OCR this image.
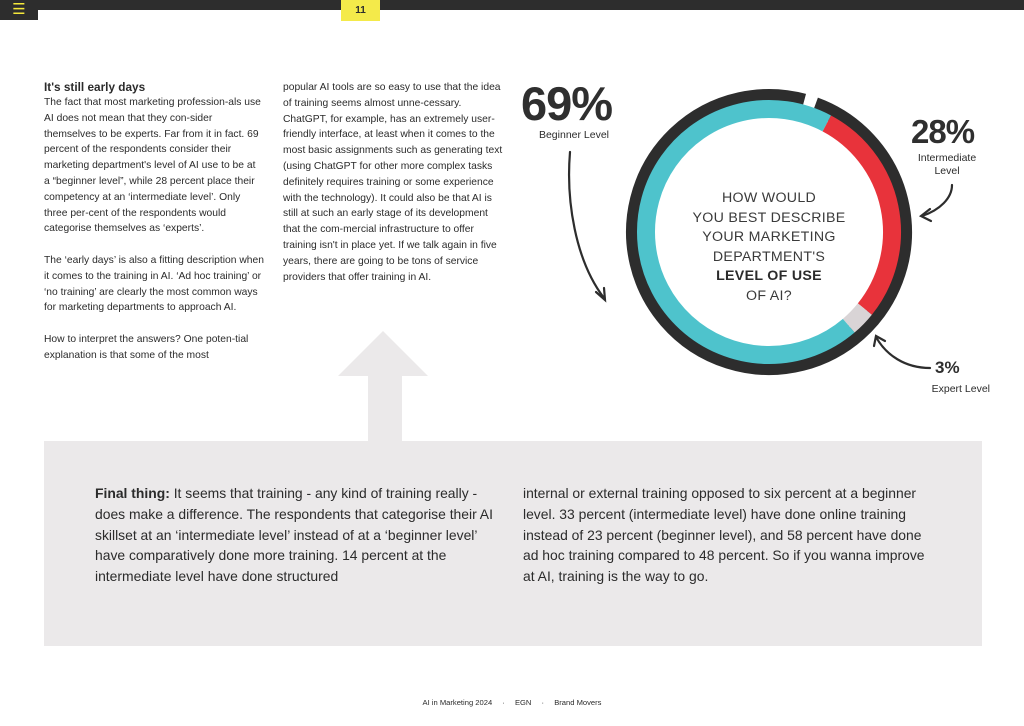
☰	11
It's still early days

The fact that most marketing profession-als use AI does not mean that they con-sider themselves to be experts. Far from it in fact. 69 percent of the respondents consider their marketing department's level of AI use to be at a “beginner level”, while 28 percent place their competency at an ‘intermediate level’. Only three per-cent of the respondents would categorise themselves as ‘experts’.

The ‘early days’ is also a fitting description when it comes to the training in AI. ‘Ad hoc training’ or ‘no training’ are clearly the most common ways for marketing departments to approach AI.

How to interpret the answers? One poten-tial explanation is that some of the most

popular AI tools are so easy to use that the idea of training seems almost unne-cessary. ChatGPT, for example, has an extremely user-friendly interface, at least when it comes to the most basic assignments such as generating text (using ChatGPT for other more complex tasks definitely requires training or some experience with the technology). It could also be that AI is still at such an early stage of its development that the com-mercial infrastructure to offer training isn't in place yet. If we talk again in five years, there are going to be tons of service providers that offer training in AI.

69%
Beginner Level	28%
Intermediate
Level
3%
Expert Level
HOW WOULD
YOU BEST DESCRIBE
YOUR MARKETING
DEPARTMENT'S
LEVEL OF USE
OF AI?
Final thing: It seems that training - any kind of training really - does make a difference. The respondents that categorise their AI skillset at an ‘intermediate level’ instead of at a ‘beginner level’ have comparatively done more training. 14 percent at the intermediate level have done structured
internal or external training opposed to six percent at a beginner level. 33 percent (intermediate level) have done online training instead of 23 percent (beginner level), and 58 percent have done ad hoc training compared to 48 percent. So if you wanna improve at AI, training is the way to go.
AI in Marketing 2024 · EGN · Brand Movers
